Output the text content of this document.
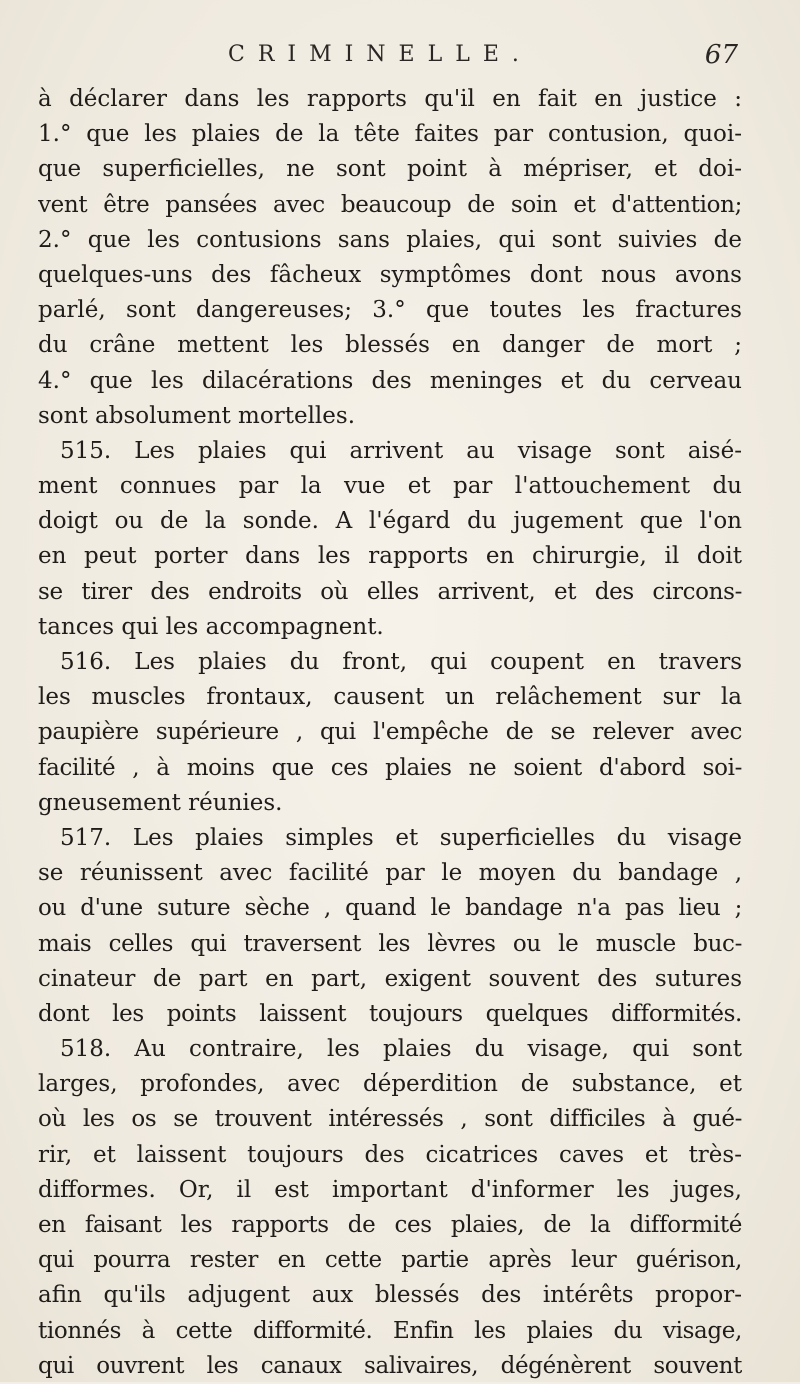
CRIMINELLE.	67
à déclarer dans les rapports qu'il en fait en justice :
1.° que les plaies de la tête faites par contusion, quoi-
que superficielles, ne sont point à mépriser, et doi-
vent être pansées avec beaucoup de soin et d'attention;
2.° que les contusions sans plaies, qui sont suivies de
quelques-uns des fâcheux symptômes dont nous avons
parlé, sont dangereuses; 3.° que toutes les fractures
du crâne mettent les blessés en danger de mort ;
4.° que les dilacérations des meninges et du cerveau
sont absolument mortelles.
515. Les plaies qui arrivent au visage sont aisé-
ment connues par la vue et par l'attouchement du
doigt ou de la sonde. A l'égard du jugement que l'on
en peut porter dans les rapports en chirurgie, il doit
se tirer des endroits où elles arrivent, et des circons-
tances qui les accompagnent.
516. Les plaies du front, qui coupent en travers
les muscles frontaux, causent un relâchement sur la
paupière supérieure , qui l'empêche de se relever avec
facilité , à moins que ces plaies ne soient d'abord soi-
gneusement réunies.
517. Les plaies simples et superficielles du visage
se réunissent avec facilité par le moyen du bandage ,
ou d'une suture sèche , quand le bandage n'a pas lieu ;
mais celles qui traversent les lèvres ou le muscle buc-
cinateur de part en part, exigent souvent des sutures
dont les points laissent toujours quelques difformités.
518. Au contraire, les plaies du visage, qui sont
larges, profondes, avec déperdition de substance, et
où les os se trouvent intéressés , sont difficiles à gué-
rir, et laissent toujours des cicatrices caves et très-
difformes. Or, il est important d'informer les juges,
en faisant les rapports de ces plaies, de la difformité
qui pourra rester en cette partie après leur guérison,
afin qu'ils adjugent aux blessés des intérêts propor-
tionnés à cette difformité. Enfin les plaies du visage,
qui ouvrent les canaux salivaires, dégénèrent souvent
